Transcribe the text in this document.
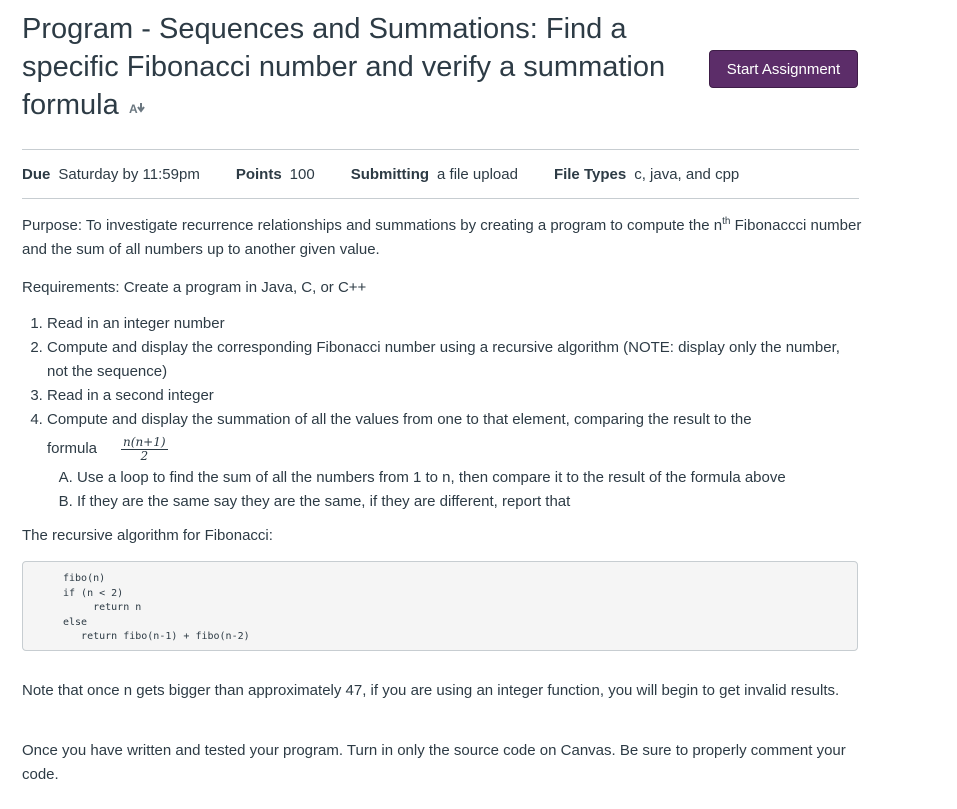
Program - Sequences and Summations: Find a specific Fibonacci number and verify a summation formula A
Start Assignment
Due Saturday by 11:59pm Points 100 Submitting a file upload File Types c, java, and cpp

Purpose: To investigate recurrence relationships and summations by creating a program to compute the $n^{th}$ Fibonaccci number and the sum of all numbers up to another given value.

Requirements: Create a program in Java, C, or C++

1. Read in an integer number
2. Compute and display the corresponding Fibonacci number using a recursive algorithm (NOTE: display only the number, not the sequence)
3. Read in a second integer
4. Compute and display the summation of all the values from one to that element, comparing the result to the
formula $\frac{n(n+1)}{2}$
A. Use a loop to find the sum of all the numbers from 1 to n, then compare it to the result of the formula above
B. If they are the same say they are the same, if they are different, report that

The recursive algorithm for Fibonacci:

fibo(n)
if (n < 2)
return n
else
return fibo(n-1) + fibo(n-2)

Note that once n gets bigger than approximately 47, if you are using an integer function, you will begin to get invalid results.

Once you have written and tested your program. Turn in only the source code on Canvas. Be sure to properly comment your code.
